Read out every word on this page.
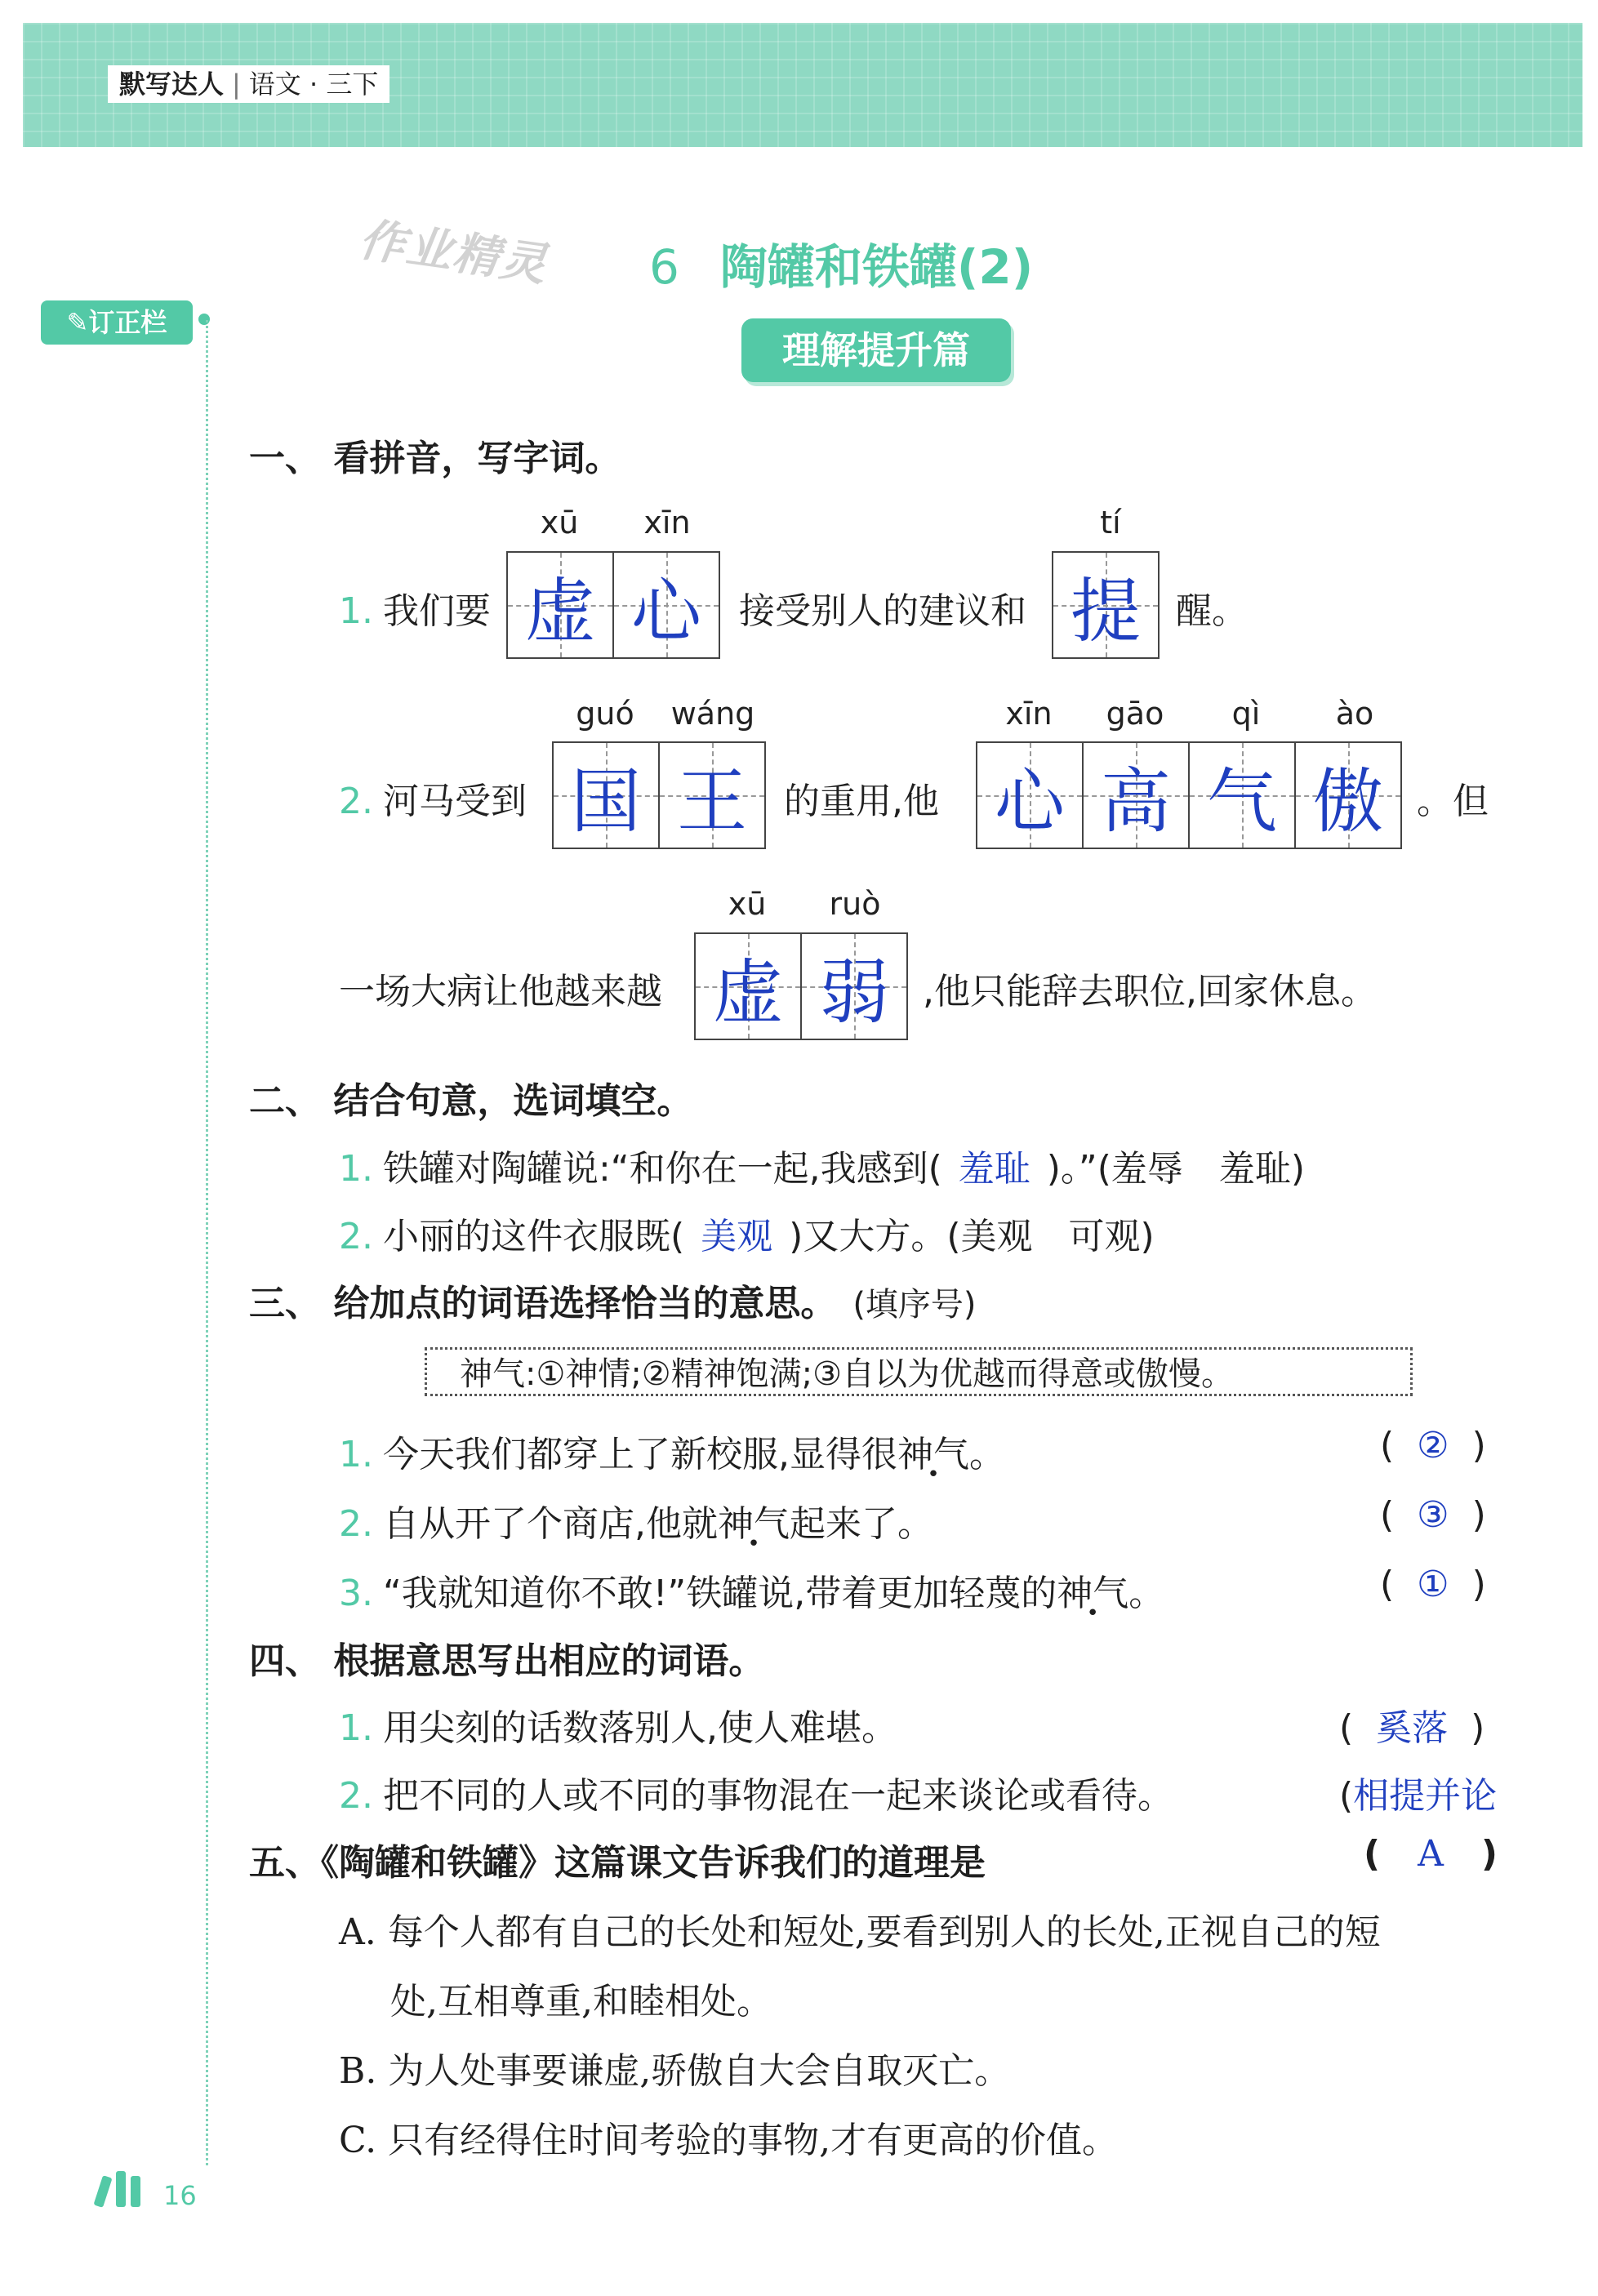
默写达人 | 语文 · 三下
✎订正栏
作业精灵 6 陶罐和铁罐(2)
理解提升篇
一、 看拼音，写字词。
xū	xīn	tí
1. 我们要 虚 心 接受别人的建议和 提 醒。
guó	wáng	xīn	gāo	qì	ào
2. 河马受到 国 王 的重用,他 心 高 气 傲 。但
xū	ruò
一场大病让他越来越 虚 弱 ,他只能辞去职位,回家休息。
二、 结合句意，选词填空。
1. 铁罐对陶罐说:“和你在一起,我感到( 羞耻 )。”(羞辱　羞耻)
2. 小丽的这件衣服既( 美观 )又大方。(美观　可观)
三、 给加点的词语选择恰当的意思。 (填序号)
神气:①神情;②精神饱满;③自以为优越而得意或傲慢。
1. 今天我们都穿上了新校服,显得很神气。	(  ②  )
2. 自从开了个商店,他就神气起来了。	(  ③  )
3. “我就知道你不敢!”铁罐说,带着更加轻蔑的神气。	(  ①  )
四、 根据意思写出相应的词语。
1. 用尖刻的话数落别人,使人难堪。	(  奚落  )
2. 把不同的人或不同的事物混在一起来谈论或看待。	(相提并论
五、《陶罐和铁罐》这篇课文告诉我们的道理是	(   A   )
A. 每个人都有自己的长处和短处,要看到别人的长处,正视自己的短
处,互相尊重,和睦相处。
B. 为人处事要谦虚,骄傲自大会自取灭亡。
C. 只有经得住时间考验的事物,才有更高的价值。
16
